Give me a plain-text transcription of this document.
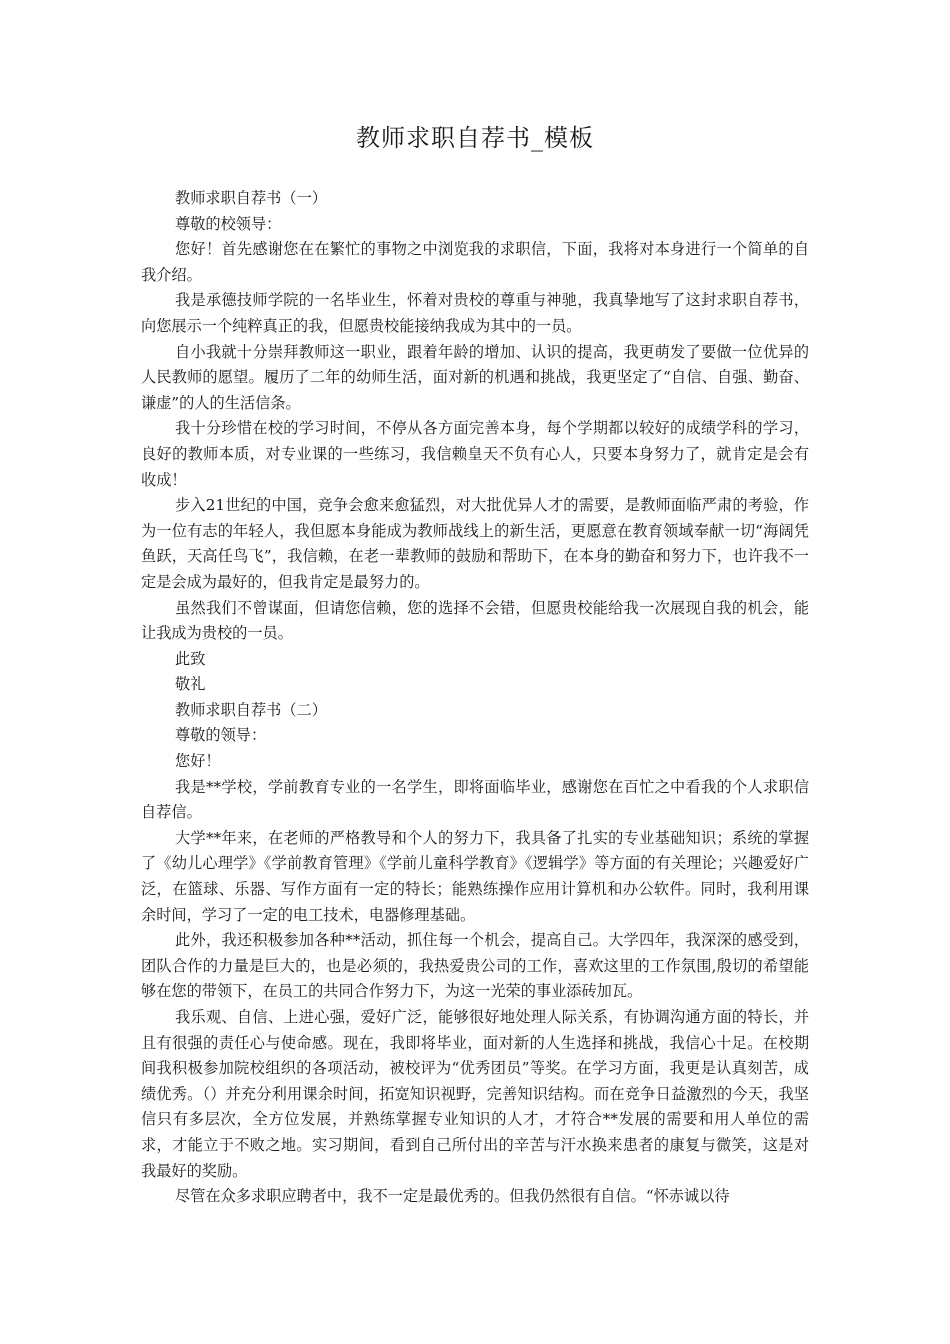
教师求职自荐书_模板

教师求职自荐书（一）

尊敬的校领导：

您好！首先感谢您在在繁忙的事物之中浏览我的求职信，下面，我将对本身进行一个简单的自我介绍。

我是承德技师学院的一名毕业生，怀着对贵校的尊重与神驰，我真挚地写了这封求职自荐书，向您展示一个纯粹真正的我，但愿贵校能接纳我成为其中的一员。

自小我就十分崇拜教师这一职业，跟着年龄的增加、认识的提高，我更萌发了要做一位优异的人民教师的愿望。履历了二年的幼师生活，面对新的机遇和挑战，我更坚定了“自信、自强、勤奋、谦虚”的人的生活信条。

我十分珍惜在校的学习时间，不停从各方面完善本身，每个学期都以较好的成绩学科的学习，良好的教师本质，对专业课的一些练习，我信赖皇天不负有心人，只要本身努力了，就肯定是会有收成！

步入21世纪的中国，竞争会愈来愈猛烈，对大批优异人才的需要，是教师面临严肃的考验，作为一位有志的年轻人，我但愿本身能成为教师战线上的新生活，更愿意在教育领域奉献一切“海阔凭鱼跃，天高任鸟飞”，我信赖，在老一辈教师的鼓励和帮助下，在本身的勤奋和努力下，也许我不一定是会成为最好的，但我肯定是最努力的。

虽然我们不曾谋面，但请您信赖，您的选择不会错，但愿贵校能给我一次展现自我的机会，能让我成为贵校的一员。

此致

敬礼

教师求职自荐书（二）

尊敬的领导：

您好！

我是**学校，学前教育专业的一名学生，即将面临毕业，感谢您在百忙之中看我的个人求职信自荐信。

大学**年来，在老师的严格教导和个人的努力下，我具备了扎实的专业基础知识；系统的掌握了《幼儿心理学》《学前教育管理》《学前儿童科学教育》《逻辑学》等方面的有关理论；兴趣爱好广泛，在篮球、乐器、写作方面有一定的特长；能熟练操作应用计算机和办公软件。同时，我利用课余时间，学习了一定的电工技术，电器修理基础。

此外，我还积极参加各种**活动，抓住每一个机会，提高自己。大学四年，我深深的感受到，团队合作的力量是巨大的，也是必须的，我热爱贵公司的工作，喜欢这里的工作氛围,殷切的希望能够在您的带领下，在员工的共同合作努力下，为这一光荣的事业添砖加瓦。

我乐观、自信、上进心强，爱好广泛，能够很好地处理人际关系，有协调沟通方面的特长，并且有很强的责任心与使命感。现在，我即将毕业，面对新的人生选择和挑战，我信心十足。在校期间我积极参加院校组织的各项活动，被校评为“优秀团员”等奖。在学习方面，我更是认真刻苦，成绩优秀。（）并充分利用课余时间，拓宽知识视野，完善知识结构。而在竞争日益激烈的今天，我坚信只有多层次，全方位发展，并熟练掌握专业知识的人才，才符合**发展的需要和用人单位的需求，才能立于不败之地。实习期间，看到自己所付出的辛苦与汗水换来患者的康复与微笑，这是对我最好的奖励。

尽管在众多求职应聘者中，我不一定是最优秀的。但我仍然很有自信。“怀赤诚以待
